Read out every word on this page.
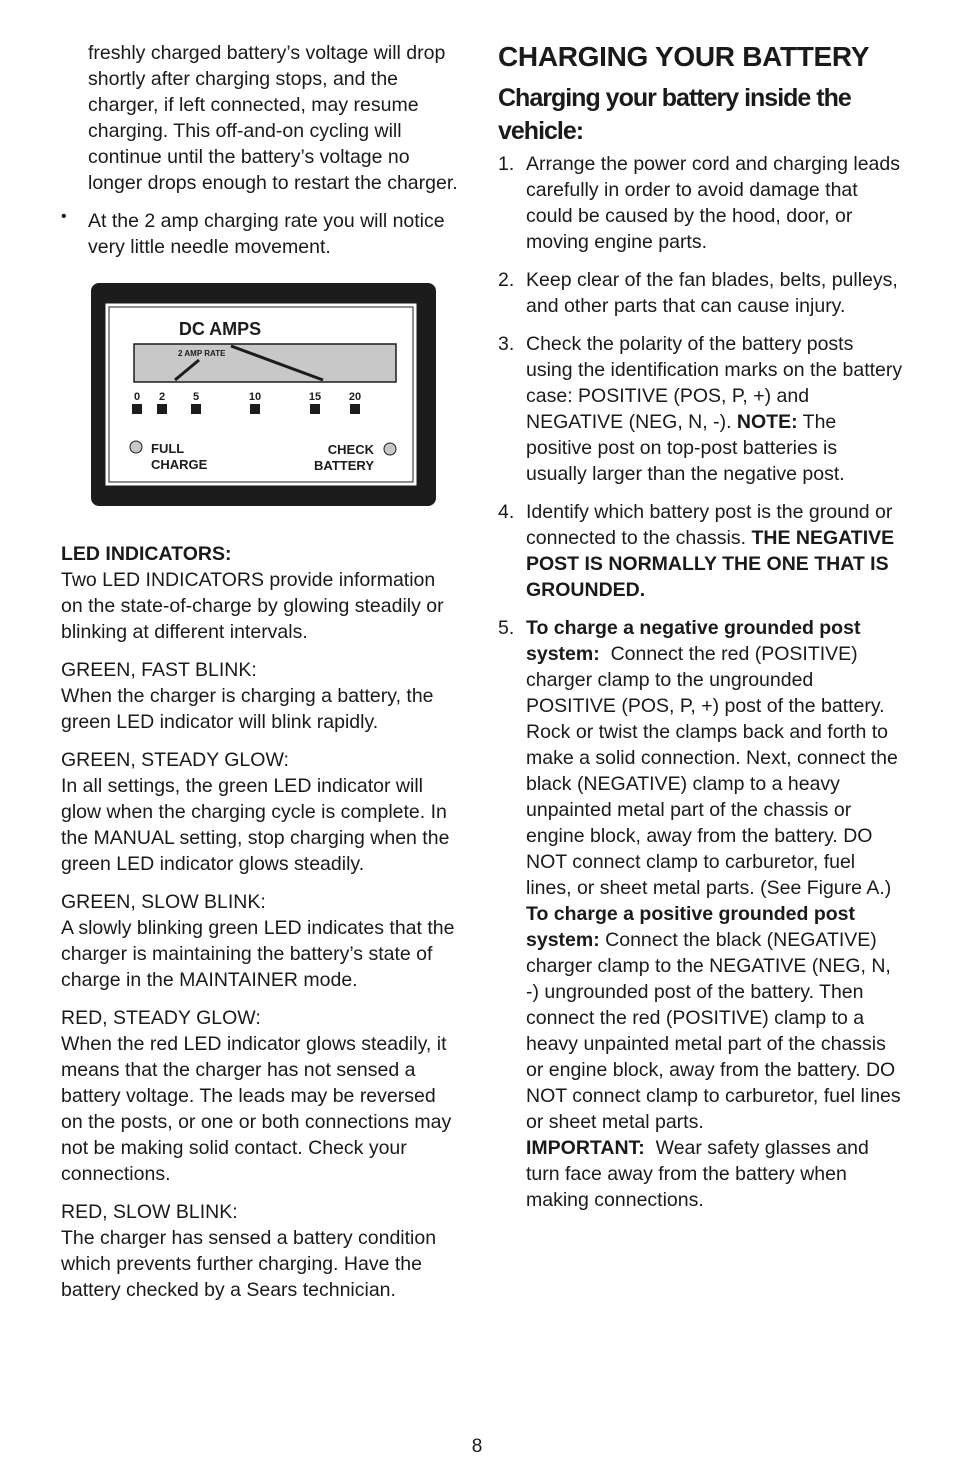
freshly charged battery’s voltage will drop shortly after charging stops, and the charger, if left connected, may resume charging. This off-and-on cycling will continue until the battery’s voltage no longer drops enough to restart the charger.

• At the 2 amp charging rate you will notice very little needle movement.

DC AMPS
2 AMP RATE
0 2	5	10	15	20
FULL
CHARGE
CHECK
BATTERY

LED INDICATORS:

Two LED INDICATORS provide information on the state-of-charge by glowing steadily or blinking at different intervals.

GREEN, FAST BLINK:

When the charger is charging a battery, the green LED indicator will blink rapidly.

GREEN, STEADY GLOW:

In all settings, the green LED indicator will glow when the charging cycle is complete. In the MANUAL setting, stop charging when the green LED indicator glows steadily.

GREEN, SLOW BLINK:

A slowly blinking green LED indicates that the charger is maintaining the battery’s state of charge in the MAINTAINER mode.

RED, STEADY GLOW:

When the red LED indicator glows steadily, it means that the charger has not sensed a battery voltage. The leads may be reversed on the posts, or one or both connections may not be making solid contact. Check your connections.

RED, SLOW BLINK:

The charger has sensed a battery condition which prevents further charging. Have the battery checked by a Sears technician.

CHARGING YOUR BATTERY
Charging your battery inside the vehicle:
1. Arrange the power cord and charging leads carefully in order to avoid damage that could be caused by the hood, door, or moving engine parts.
2. Keep clear of the fan blades, belts, pulleys, and other parts that can cause injury.
3. Check the polarity of the battery posts using the identification marks on the battery case: POSITIVE (POS, P, +) and NEGATIVE (NEG, N, -). NOTE: The positive post on top-post batteries is usually larger than the negative post.
4. Identify which battery post is the ground or connected to the chassis. THE NEGATIVE POST IS NORMALLY THE ONE THAT IS GROUNDED.
5. To charge a negative grounded post system: Connect the red (POSITIVE) charger clamp to the ungrounded POSITIVE (POS, P, +) post of the battery. Rock or twist the clamps back and forth to make a solid connection. Next, connect the black (NEGATIVE) clamp to a heavy unpainted metal part of the chassis or engine block, away from the battery. DO NOT connect clamp to carburetor, fuel lines, or sheet metal parts. (See Figure A.)
To charge a positive grounded post system: Connect the black (NEGATIVE) charger clamp to the NEGATIVE (NEG, N, -) ungrounded post of the battery. Then connect the red (POSITIVE) clamp to a heavy unpainted metal part of the chassis or engine block, away from the battery. DO NOT connect clamp to carburetor, fuel lines or sheet metal parts.
IMPORTANT: Wear safety glasses and turn face away from the battery when making connections.
8
